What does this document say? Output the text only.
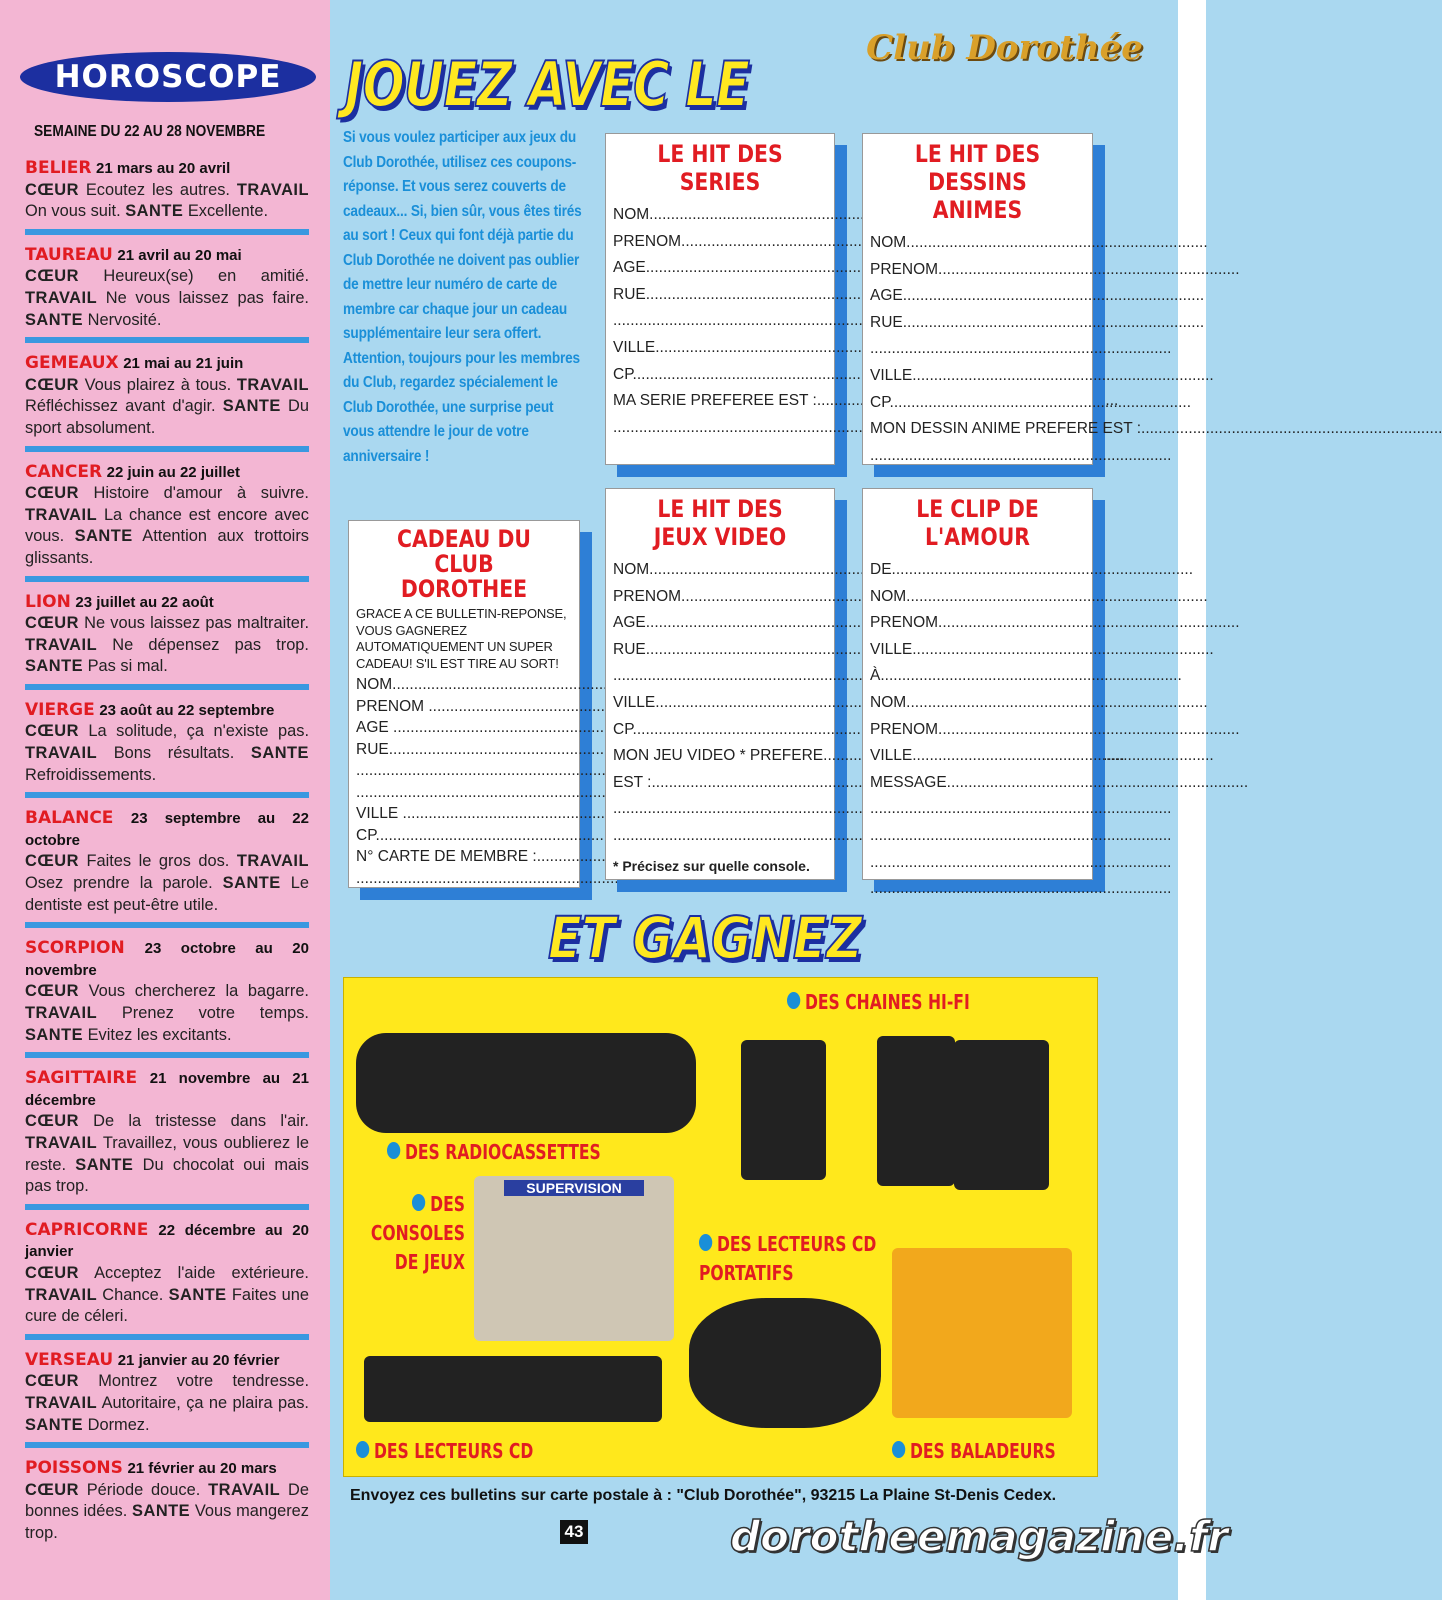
HOROSCOPE
SEMAINE DU 22 AU 28 NOVEMBRE
BELIER 21 mars au 20 avril
CŒUR Ecoutez les autres. TRAVAIL On vous suit. SANTE Excellente.
TAUREAU 21 avril au 20 mai
CŒUR Heureux(se) en amitié. TRAVAIL Ne vous laissez pas faire. SANTE Nervosité.
GEMEAUX 21 mai au 21 juin
CŒUR Vous plairez à tous. TRAVAIL Réfléchissez avant d'agir. SANTE Du sport absolument.
CANCER 22 juin au 22 juillet
CŒUR Histoire d'amour à suivre. TRAVAIL La chance est encore avec vous. SANTE Attention aux trottoirs glissants.
LION 23 juillet au 22 août
CŒUR Ne vous laissez pas maltraiter. TRAVAIL Ne dépensez pas trop. SANTE Pas si mal.
VIERGE 23 août au 22 septembre
CŒUR La solitude, ça n'existe pas. TRAVAIL Bons résultats. SANTE Refroidissements.
BALANCE 23 septembre au 22 octobre
CŒUR Faites le gros dos. TRAVAIL Osez prendre la parole. SANTE Le dentiste est peut-être utile.
SCORPION 23 octobre au 20 novembre
CŒUR Vous chercherez la bagarre. TRAVAIL Prenez votre temps. SANTE Evitez les excitants.
SAGITTAIRE 21 novembre au 21 décembre
CŒUR De la tristesse dans l'air. TRAVAIL Travaillez, vous oublierez le reste. SANTE Du chocolat oui mais pas trop.
CAPRICORNE 22 décembre au 20 janvier
CŒUR Acceptez l'aide extérieure. TRAVAIL Chance. SANTE Faites une cure de céleri.
VERSEAU 21 janvier au 20 février
CŒUR Montrez votre tendresse. TRAVAIL Autoritaire, ça ne plaira pas. SANTE Dormez.
POISSONS 21 février au 20 mars
CŒUR Période douce. TRAVAIL De bonnes idées. SANTE Vous mangerez trop.
JOUEZ AVEC LE	Club Dorothée
Si vous voulez participer aux jeux du Club Dorothée, utilisez ces coupons-réponse. Et vous serez couverts de cadeaux... Si, bien sûr, vous êtes tirés au sort ! Ceux qui font déjà partie du Club Dorothée ne doivent pas oublier de mettre leur numéro de carte de membre car chaque jour un cadeau supplémentaire leur sera offert. Attention, toujours pour les membres du Club, regardez spécialement le Club Dorothée, une surprise peut vous attendre le jour de votre anniversaire !
LE HIT DES SERIES
NOM .....
PRENOM .....
AGE .....
RUE .....
.....
VILLE .....
CP .....
MA SERIE PREFEREE EST : .....
.....
LE HIT DES DESSINS ANIMES
NOM .....
PRENOM .....
AGE .....
RUE .....
.....
VILLE .....
CP .....
MON DESSIN ANIME PREFERE EST : .....
.....
CADEAU DU CLUB DOROTHEE
GRACE A CE BULLETIN-REPONSE, VOUS GAGNEREZ AUTOMATIQUEMENT UN SUPER CADEAU! S'IL EST TIRE AU SORT!
NOM .....
PRENOM .....
AGE .....
RUE .....
.....
.....
VILLE .....
CP .....
N° CARTE DE MEMBRE : .....
.....
LE HIT DES JEUX VIDEO
NOM .....
PRENOM .....
AGE .....
RUE .....
.....
VILLE .....
CP .....
MON JEU VIDEO * PREFERE .....
EST : .....
.....
.....
* Précisez sur quelle console.
LE CLIP DE L'AMOUR
DE .....
NOM .....
PRENOM .....
VILLE .....
À .....
NOM .....
PRENOM .....
VILLE .....
MESSAGE .....
.....
.....
.....
.....
ET GAGNEZ
SUPERVISION
DES CHAINES HI-FI
DES RADIOCASSETTES
DES CONSOLES DE JEUX
DES LECTEURS CD PORTATIFS
DES LECTEURS CD	DES BALADEURS
Envoyez ces bulletins sur carte postale à : "Club Dorothée", 93215 La Plaine St-Denis Cedex.
43	dorotheemagazine.fr
